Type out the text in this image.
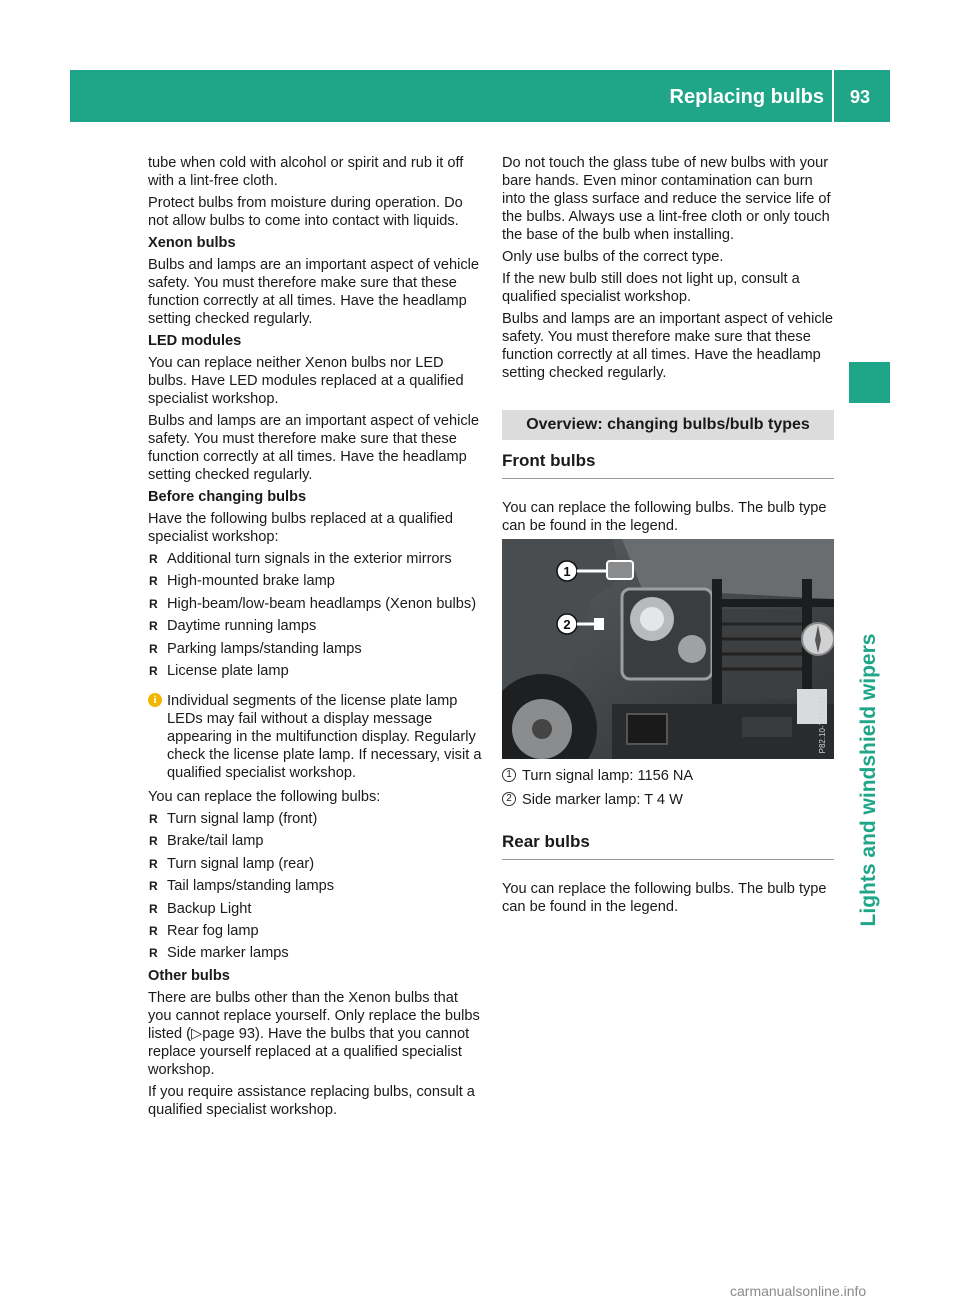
Replacing bulbs 93
Lights and windshield wipers

tube when cold with alcohol or spirit and rub it off with a lint-free cloth.

Protect bulbs from moisture during operation. Do not allow bulbs to come into contact with liquids.

Xenon bulbs

Bulbs and lamps are an important aspect of vehicle safety. You must therefore make sure that these function correctly at all times. Have the headlamp setting checked regularly.

LED modules

You can replace neither Xenon bulbs nor LED bulbs. Have LED modules replaced at a qualified specialist workshop.

Bulbs and lamps are an important aspect of vehicle safety. You must therefore make sure that these function correctly at all times. Have the headlamp setting checked regularly.

Before changing bulbs

Have the following bulbs replaced at a qualified specialist workshop:

R Additional turn signals in the exterior mirrors
R High-mounted brake lamp
R High-beam/low-beam headlamps (Xenon bulbs)
R Daytime running lamps
R Parking lamps/standing lamps
R License plate lamp
i Individual segments of the license plate lamp LEDs may fail without a display message appearing in the multifunction display. Regularly check the license plate lamp. If necessary, visit a qualified specialist workshop.

You can replace the following bulbs:

R Turn signal lamp (front)
R Brake/tail lamp
R Turn signal lamp (rear)
R Tail lamps/standing lamps
R Backup Light
R Rear fog lamp
R Side marker lamps
Other bulbs

There are bulbs other than the Xenon bulbs that you cannot replace yourself. Only replace the bulbs listed (▷page 93). Have the bulbs that you cannot replace yourself replaced at a qualified specialist workshop.

If you require assistance replacing bulbs, consult a qualified specialist workshop.

Do not touch the glass tube of new bulbs with your bare hands. Even minor contamination can burn into the glass surface and reduce the service life of the bulbs. Always use a lint-free cloth or only touch the base of the bulb when installing.

Only use bulbs of the correct type.

If the new bulb still does not light up, consult a qualified specialist workshop.

Bulbs and lamps are an important aspect of vehicle safety. You must therefore make sure that these function correctly at all times. Have the headlamp setting checked regularly.

Overview: changing bulbs/bulb types
Front bulbs

You can replace the following bulbs. The bulb type can be found in the legend.

1
2
P82.10-7717-31
1 Turn signal lamp: 1156 NA
2 Side marker lamp: T 4 W
Rear bulbs

You can replace the following bulbs. The bulb type can be found in the legend.

carmanualsonline.info
